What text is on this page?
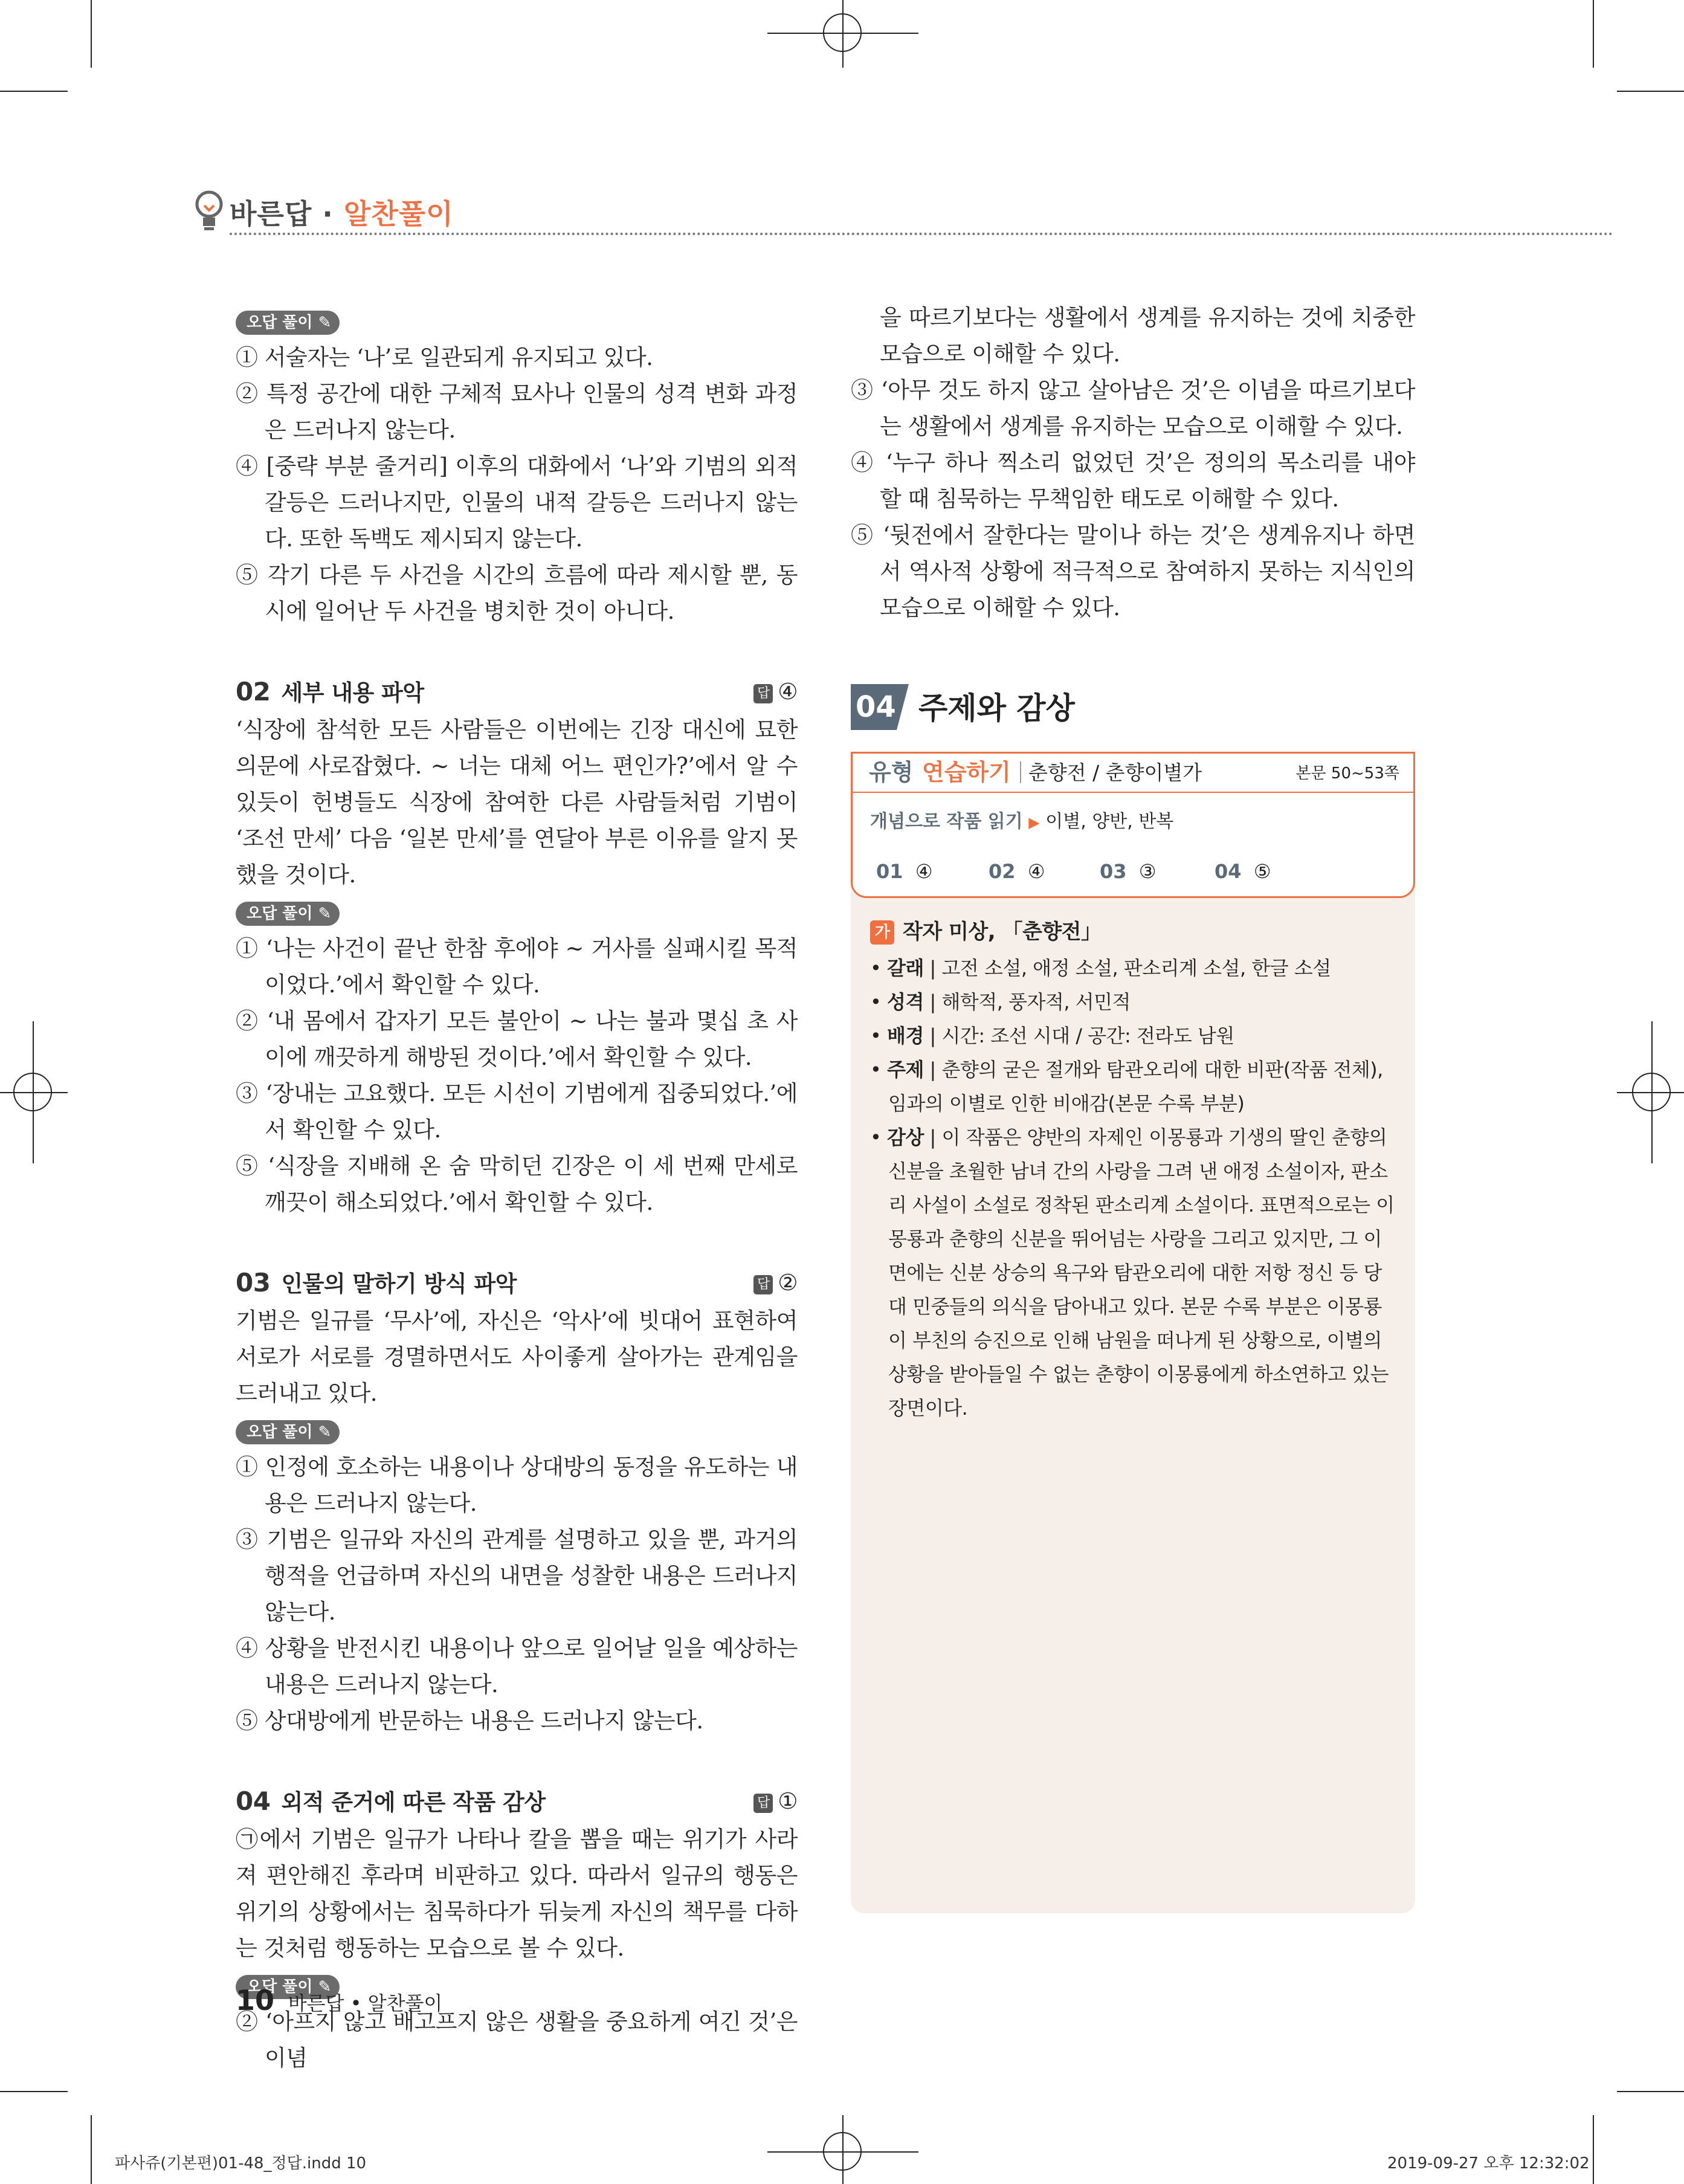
바른답 · 알찬풀이
오답 풀이 ✎
① 서술자는 ‘나’로 일관되게 유지되고 있다.
② 특정 공간에 대한 구체적 묘사나 인물의 성격 변화 과정은 드러나지 않는다.
④ [중략 부분 줄거리] 이후의 대화에서 ‘나’와 기범의 외적 갈등은 드러나지만, 인물의 내적 갈등은 드러나지 않는다. 또한 독백도 제시되지 않는다.
⑤ 각기 다른 두 사건을 시간의 흐름에 따라 제시할 뿐, 동시에 일어난 두 사건을 병치한 것이 아니다.
02 세부 내용 파악	답 ④
‘식장에 참석한 모든 사람들은 이번에는 긴장 대신에 묘한 의문에 사로잡혔다. ~ 너는 대체 어느 편인가?’에서 알 수 있듯이 헌병들도 식장에 참여한 다른 사람들처럼 기범이 ‘조선 만세’ 다음 ‘일본 만세’를 연달아 부른 이유를 알지 못했을 것이다.
오답 풀이 ✎
① ‘나는 사건이 끝난 한참 후에야 ~ 거사를 실패시킬 목적이었다.’에서 확인할 수 있다.
② ‘내 몸에서 갑자기 모든 불안이 ~ 나는 불과 몇십 초 사이에 깨끗하게 해방된 것이다.’에서 확인할 수 있다.
③ ‘장내는 고요했다. 모든 시선이 기범에게 집중되었다.’에서 확인할 수 있다.
⑤ ‘식장을 지배해 온 숨 막히던 긴장은 이 세 번째 만세로 깨끗이 해소되었다.’에서 확인할 수 있다.
03 인물의 말하기 방식 파악	답 ②
기범은 일규를 ‘무사’에, 자신은 ‘악사’에 빗대어 표현하여 서로가 서로를 경멸하면서도 사이좋게 살아가는 관계임을 드러내고 있다.
오답 풀이 ✎
① 인정에 호소하는 내용이나 상대방의 동정을 유도하는 내용은 드러나지 않는다.
③ 기범은 일규와 자신의 관계를 설명하고 있을 뿐, 과거의 행적을 언급하며 자신의 내면을 성찰한 내용은 드러나지 않는다.
④ 상황을 반전시킨 내용이나 앞으로 일어날 일을 예상하는 내용은 드러나지 않는다.
⑤ 상대방에게 반문하는 내용은 드러나지 않는다.
04 외적 준거에 따른 작품 감상	답 ①
㉠에서 기범은 일규가 나타나 칼을 뽑을 때는 위기가 사라져 편안해진 후라며 비판하고 있다. 따라서 일규의 행동은 위기의 상황에서는 침묵하다가 뒤늦게 자신의 책무를 다하는 것처럼 행동하는 모습으로 볼 수 있다.
오답 풀이 ✎
② ‘아프지 않고 배고프지 않은 생활을 중요하게 여긴 것’은 이념
을 따르기보다는 생활에서 생계를 유지하는 것에 치중한 모습으로 이해할 수 있다.
③ ‘아무 것도 하지 않고 살아남은 것’은 이념을 따르기보다는 생활에서 생계를 유지하는 모습으로 이해할 수 있다.
④ ‘누구 하나 찍소리 없었던 것’은 정의의 목소리를 내야 할 때 침묵하는 무책임한 태도로 이해할 수 있다.
⑤ ‘뒷전에서 잘한다는 말이나 하는 것’은 생계유지나 하면서 역사적 상황에 적극적으로 참여하지 못하는 지식인의 모습으로 이해할 수 있다.
04 주제와 감상
유형 연습하기 춘향전 / 춘향이별가	본문 50~53쪽
개념으로 작품 읽기 ▶ 이별, 양반, 반복
01 ④	02 ④	03 ③	04 ⑤
가 작자 미상, 「춘향전」
• 갈래 | 고전 소설, 애정 소설, 판소리계 소설, 한글 소설
• 성격 | 해학적, 풍자적, 서민적
• 배경 | 시간: 조선 시대 / 공간: 전라도 남원
• 주제 | 춘향의 굳은 절개와 탐관오리에 대한 비판(작품 전체), 임과의 이별로 인한 비애감(본문 수록 부분)
• 감상 | 이 작품은 양반의 자제인 이몽룡과 기생의 딸인 춘향의 신분을 초월한 남녀 간의 사랑을 그려 낸 애정 소설이자, 판소리 사설이 소설로 정착된 판소리계 소설이다. 표면적으로는 이몽룡과 춘향의 신분을 뛰어넘는 사랑을 그리고 있지만, 그 이면에는 신분 상승의 욕구와 탐관오리에 대한 저항 정신 등 당대 민중들의 의식을 담아내고 있다. 본문 수록 부분은 이몽룡이 부친의 승진으로 인해 남원을 떠나게 된 상황으로, 이별의 상황을 받아들일 수 없는 춘향이 이몽룡에게 하소연하고 있는 장면이다.
10 바른답 • 알찬풀이
파사쥬(기본편)01-48_정답.indd 10	2019-09-27 오후 12:32:02
